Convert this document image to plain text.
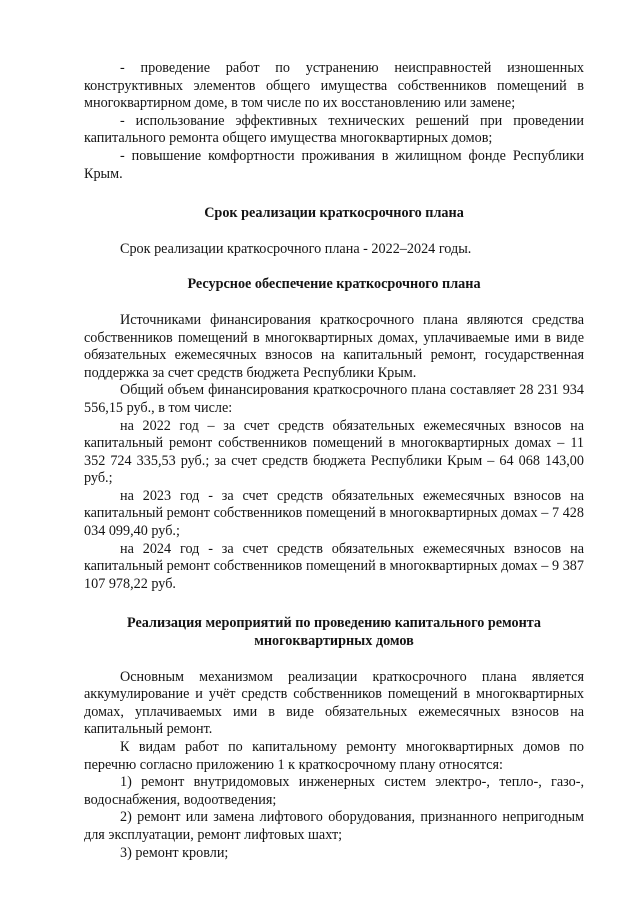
- проведение работ по устранению неисправностей изношенных конструктивных элементов общего имущества собственников помещений в многоквартирном доме, в том числе по их восстановлению или замене;

- использование эффективных технических решений при проведении капитального ремонта общего имущества многоквартирных домов;

- повышение комфортности проживания в жилищном фонде Республики Крым.

Срок реализации краткосрочного плана

Срок реализации краткосрочного плана - 2022–2024 годы.

Ресурсное обеспечение краткосрочного плана

Источниками финансирования краткосрочного плана являются средства собственников помещений в многоквартирных домах, уплачиваемые ими в виде обязательных ежемесячных взносов на капитальный ремонт, государственная поддержка за счет средств бюджета Республики Крым.

Общий объем финансирования краткосрочного плана составляет 28 231 934 556,15 руб., в том числе:

на 2022 год – за счет средств обязательных ежемесячных взносов на капитальный ремонт собственников помещений в многоквартирных домах – 11 352 724 335,53 руб.; за счет средств бюджета Республики Крым – 64 068 143,00 руб.;

на 2023 год - за счет средств обязательных ежемесячных взносов на капитальный ремонт собственников помещений в многоквартирных домах – 7 428 034 099,40 руб.;

на 2024 год - за счет средств обязательных ежемесячных взносов на капитальный ремонт собственников помещений в многоквартирных домах – 9 387 107 978,22 руб.

Реализация мероприятий по проведению капитального ремонта
многоквартирных домов

Основным механизмом реализации краткосрочного плана является аккумулирование и учёт средств собственников помещений в многоквартирных домах, уплачиваемых ими в виде обязательных ежемесячных взносов на капитальный ремонт.

К видам работ по капитальному ремонту многоквартирных домов по перечню согласно приложению 1 к краткосрочному плану относятся:

1) ремонт внутридомовых инженерных систем электро-, тепло-, газо-, водоснабжения, водоотведения;

2) ремонт или замена лифтового оборудования, признанного непригодным для эксплуатации, ремонт лифтовых шахт;

3) ремонт кровли;
